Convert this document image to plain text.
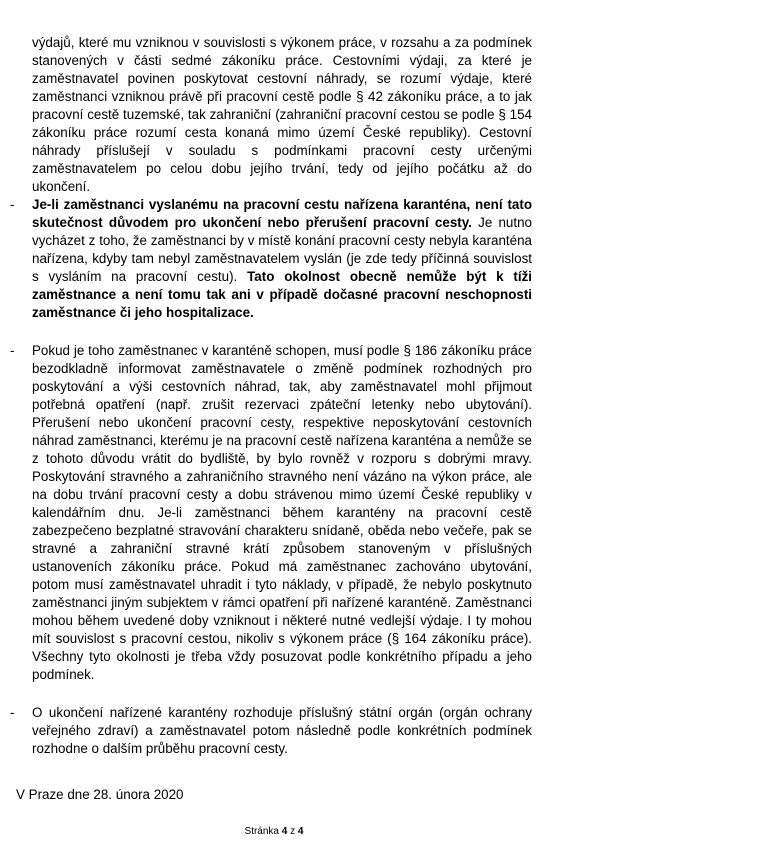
výdajů, které mu vzniknou v souvislosti s výkonem práce, v rozsahu a za podmínek stanovených v části sedmé zákoníku práce. Cestovními výdaji, za které je zaměstnavatel povinen poskytovat cestovní náhrady, se rozumí výdaje, které zaměstnanci vzniknou právě při pracovní cestě podle § 42 zákoníku práce, a to jak pracovní cestě tuzemské, tak zahraniční (zahraniční pracovní cestou se podle § 154 zákoníku práce rozumí cesta konaná mimo území České republiky). Cestovní náhrady příslušejí v souladu s podmínkami pracovní cesty určenými zaměstnavatelem po celou dobu jejího trvání, tedy od jejího počátku až do ukončení.

- Je-li zaměstnanci vyslanému na pracovní cestu nařízena karanténa, není tato skutečnost důvodem pro ukončení nebo přerušení pracovní cesty. Je nutno vycházet z toho, že zaměstnanci by v místě konání pracovní cesty nebyla karanténa nařízena, kdyby tam nebyl zaměstnavatelem vyslán (je zde tedy příčinná souvislost s vysláním na pracovní cestu). Tato okolnost obecně nemůže být k tíži zaměstnance a není tomu tak ani v případě dočasné pracovní neschopnosti zaměstnance či jeho hospitalizace.

- Pokud je toho zaměstnanec v karanténě schopen, musí podle § 186 zákoníku práce bezodkladně informovat zaměstnavatele o změně podmínek rozhodných pro poskytování a výši cestovních náhrad, tak, aby zaměstnavatel mohl přijmout potřebná opatření (např. zrušit rezervaci zpáteční letenky nebo ubytování). Přerušení nebo ukončení pracovní cesty, respektive neposkytování cestovních náhrad zaměstnanci, kterému je na pracovní cestě nařízena karanténa a nemůže se z tohoto důvodu vrátit do bydliště, by bylo rovněž v rozporu s dobrými mravy. Poskytování stravného a zahraničního stravného není vázáno na výkon práce, ale na dobu trvání pracovní cesty a dobu strávenou mimo území České republiky v kalendářním dnu. Je-li zaměstnanci během karantény na pracovní cestě zabezpečeno bezplatné stravování charakteru snídaně, oběda nebo večeře, pak se stravné a zahraniční stravné krátí způsobem stanoveným v příslušných ustanoveních zákoníku práce. Pokud má zaměstnanec zachováno ubytování, potom musí zaměstnavatel uhradit i tyto náklady, v případě, že nebylo poskytnuto zaměstnanci jiným subjektem v rámci opatření při nařízené karanténě. Zaměstnanci mohou během uvedené doby vzniknout i některé nutné vedlejší výdaje. I ty mohou mít souvislost s pracovní cestou, nikoliv s výkonem práce (§ 164 zákoníku práce). Všechny tyto okolnosti je třeba vždy posuzovat podle konkrétního případu a jeho podmínek.

- O ukončení nařízené karantény rozhoduje příslušný státní orgán (orgán ochrany veřejného zdraví) a zaměstnavatel potom následně podle konkrétních podmínek rozhodne o dalším průběhu pracovní cesty.

V Praze dne 28. února 2020
Stránka 4 z 4
